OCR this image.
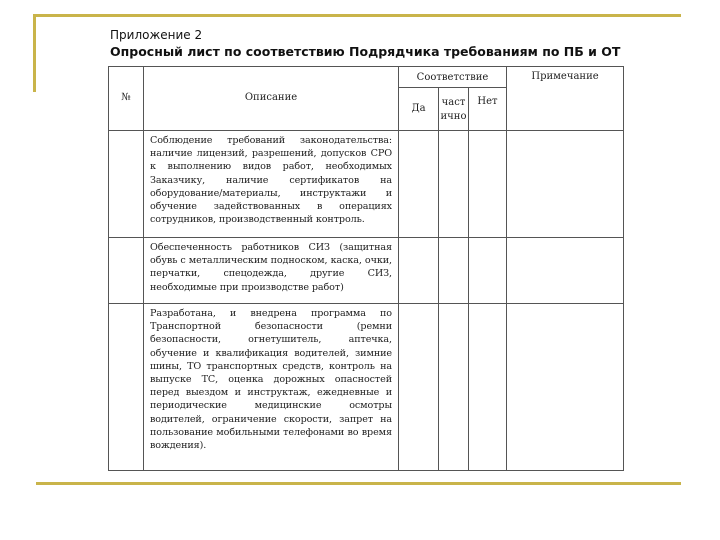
Приложение 2
Опросный лист по соответствию Подрядчика требованиям по ПБ и ОТ
№	Описание	Соответствие			Примечание

		Да	част ично	Нет	

	Соблюдение требований законодательства: наличие лицензий, разрешений, допусков СРО к выполнению видов работ, необходимых Заказчику, наличие сертификатов на оборудование/материалы, инструктажи и обучение задействованных в операциях сотрудников, производственный контроль.				
	Обеспеченность работников СИЗ (защитная обувь с металлическим подноском, каска, очки, перчатки, спецодежда, другие СИЗ, необходимые при производстве работ)				
	Разработана, и внедрена программа по Транспортной безопасности (ремни безопасности, огнетушитель, аптечка, обучение и квалификация водителей, зимние шины, ТО транспортных средств, контроль на выпуске ТС, оценка дорожных опасностей перед выездом и инструктаж, ежедневные и периодические медицинские осмотры водителей, ограничение скорости, запрет на пользование мобильными телефонами во время вождения).				
